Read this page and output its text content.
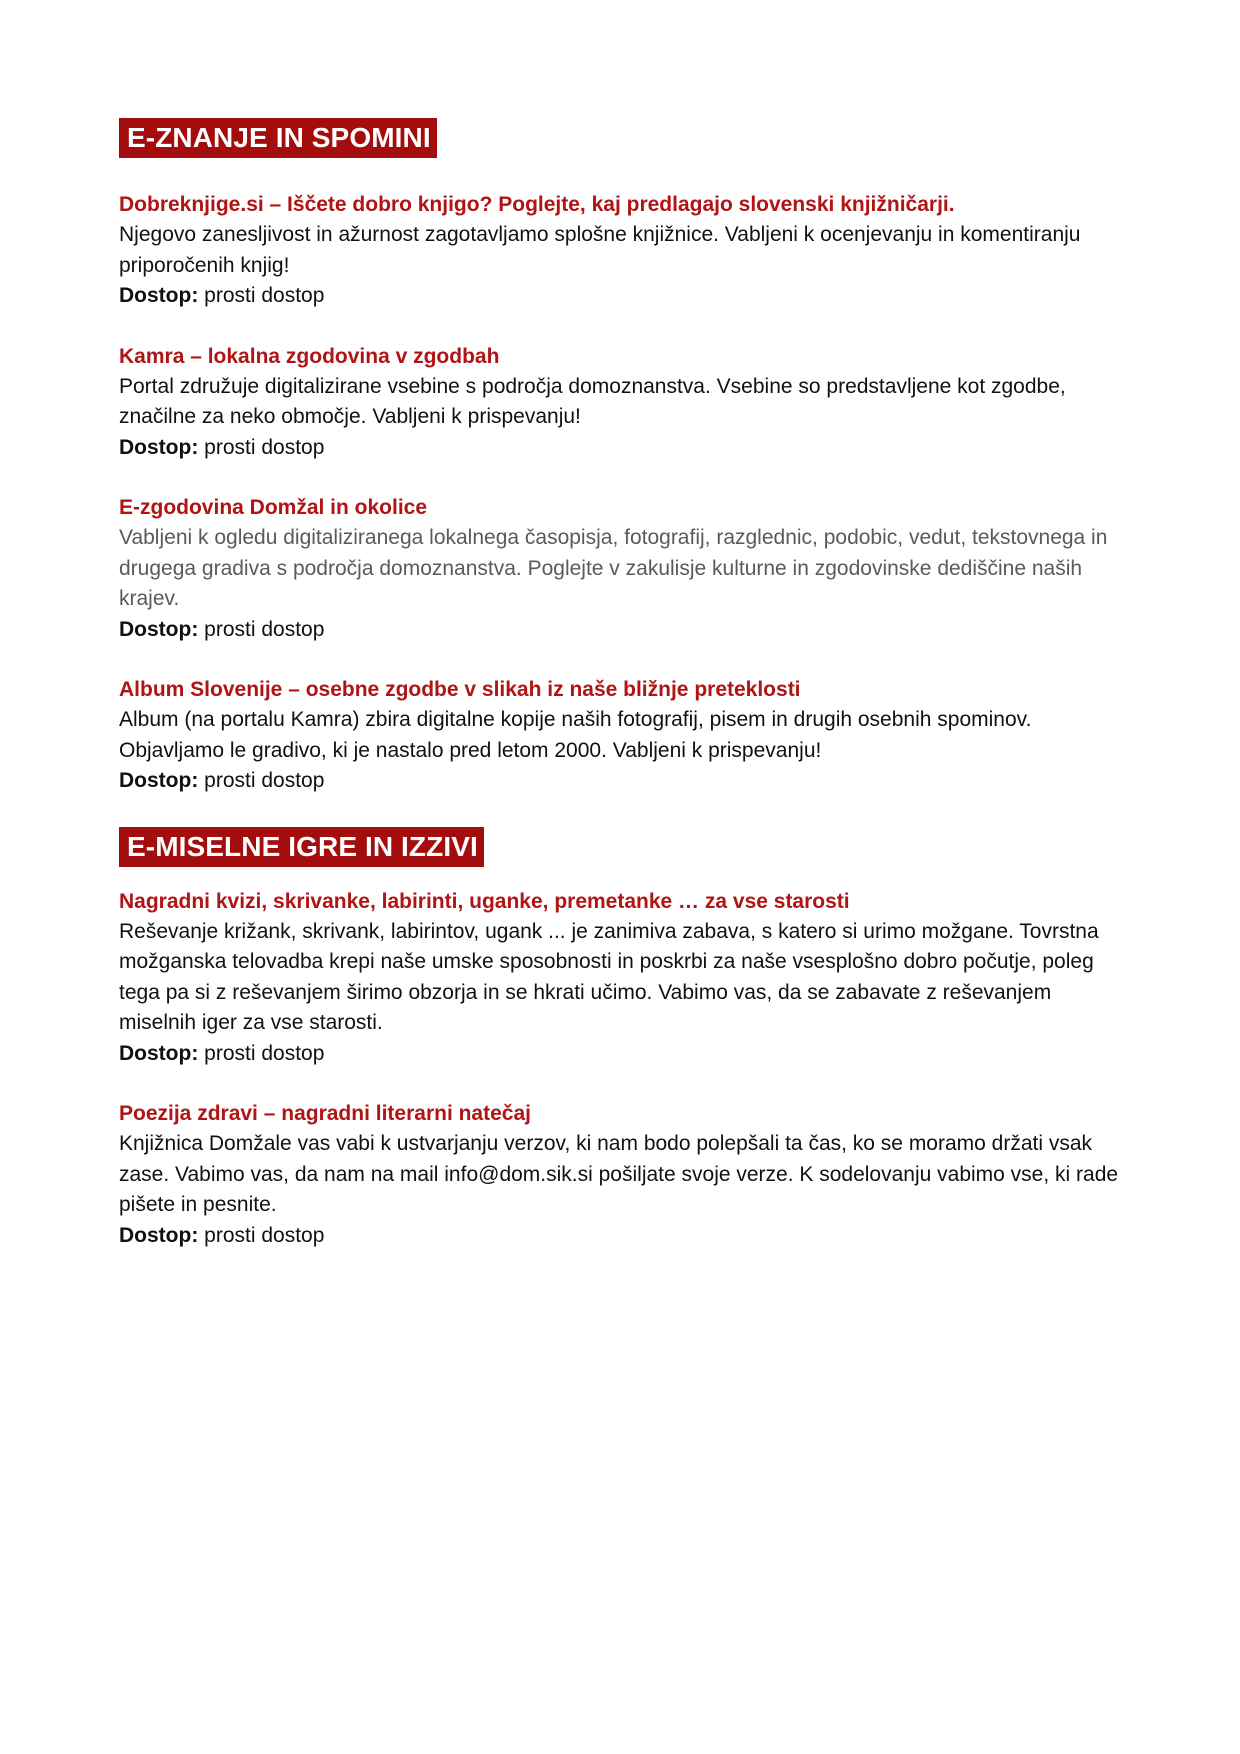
E-ZNANJE IN SPOMINI

Dobreknjige.si – Iščete dobro knjigo? Poglejte, kaj predlagajo slovenski knjižničarji.

Njegovo zanesljivost in ažurnost zagotavljamo splošne knjižnice. Vabljeni k ocenjevanju in komentiranju priporočenih knjig!

Dostop: prosti dostop

Kamra – lokalna zgodovina v zgodbah

Portal združuje digitalizirane vsebine s področja domoznanstva. Vsebine so predstavljene kot zgodbe, značilne za neko območje. Vabljeni k prispevanju!

Dostop: prosti dostop

E-zgodovina Domžal in okolice

Vabljeni k ogledu digitaliziranega lokalnega časopisja, fotografij, razglednic, podobic, vedut, tekstovnega in drugega gradiva s področja domoznanstva. Poglejte v zakulisje kulturne in zgodovinske dediščine naših krajev.

Dostop: prosti dostop

Album Slovenije – osebne zgodbe v slikah iz naše bližnje preteklosti

Album (na portalu Kamra) zbira digitalne kopije naših fotografij, pisem in drugih osebnih spominov. Objavljamo le gradivo, ki je nastalo pred letom 2000. Vabljeni k prispevanju!

Dostop: prosti dostop

E-MISELNE IGRE IN IZZIVI

Nagradni kvizi, skrivanke, labirinti, uganke, premetanke … za vse starosti

Reševanje križank, skrivank, labirintov, ugank ... je zanimiva zabava, s katero si urimo možgane. Tovrstna možganska telovadba krepi naše umske sposobnosti in poskrbi za naše vsesplošno dobro počutje, poleg tega pa si z reševanjem širimo obzorja in se hkrati učimo. Vabimo vas, da se zabavate z reševanjem miselnih iger za vse starosti.

Dostop: prosti dostop

Poezija zdravi – nagradni literarni natečaj

Knjižnica Domžale vas vabi k ustvarjanju verzov, ki nam bodo polepšali ta čas, ko se moramo držati vsak zase. Vabimo vas, da nam na mail info@dom.sik.si pošiljate svoje verze. K sodelovanju vabimo vse, ki rade pišete in pesnite.

Dostop: prosti dostop
